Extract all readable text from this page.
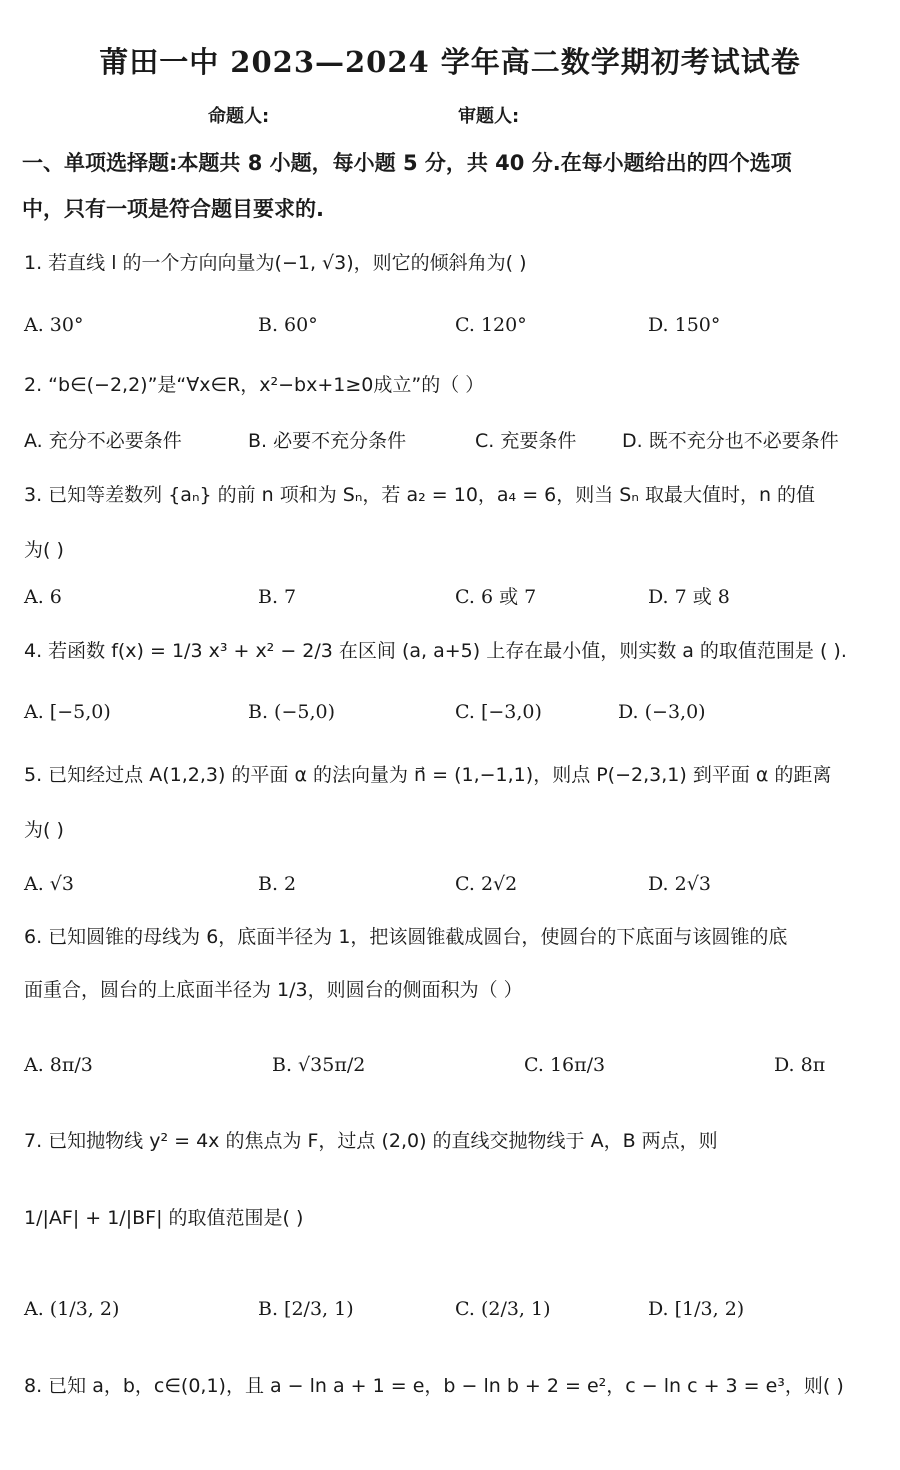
莆田一中 2023—2024 学年高二数学期初考试试卷
命题人:	审题人:
一、单项选择题:本题共 8 小题，每小题 5 分，共 40 分.在每小题给出的四个选项
中，只有一项是符合题目要求的.
1. 若直线 l 的一个方向向量为(−1, √3)，则它的倾斜角为( )
A. 30°	B. 60°	C. 120°	D. 150°
2. “b∈(−2,2)”是“∀x∈R，x²−bx+1≥0成立”的（ ）
A. 充分不必要条件	B. 必要不充分条件	C. 充要条件 D. 既不充分也不必要条件
3. 已知等差数列 {aₙ} 的前 n 项和为 Sₙ，若 a₂ = 10，a₄ = 6，则当 Sₙ 取最大值时，n 的值
为( )
A. 6	B. 7	C. 6 或 7	D. 7 或 8
4. 若函数 f(x) = 1/3 x³ + x² − 2/3 在区间 (a, a+5) 上存在最小值，则实数 a 的取值范围是 ( ).
A. [−5,0)	B. (−5,0)	C. [−3,0)	D. (−3,0)
5. 已知经过点 A(1,2,3) 的平面 α 的法向量为 n⃗ = (1,−1,1)，则点 P(−2,3,1) 到平面 α 的距离
为( )
A. √3	B. 2	C. 2√2	D. 2√3
6. 已知圆锥的母线为 6，底面半径为 1，把该圆锥截成圆台，使圆台的下底面与该圆锥的底
面重合，圆台的上底面半径为 1/3，则圆台的侧面积为（ ）
A. 8π/3	B. √35π/2	C. 16π/3	D. 8π
7. 已知抛物线 y² = 4x 的焦点为 F，过点 (2,0) 的直线交抛物线于 A，B 两点，则
1/|AF| + 1/|BF| 的取值范围是( )
A. (1/3, 2)	B. [2/3, 1)	C. (2/3, 1)	D. [1/3, 2)
8. 已知 a，b，c∈(0,1)，且 a − ln a + 1 = e，b − ln b + 2 = e²，c − ln c + 3 = e³，则( )
